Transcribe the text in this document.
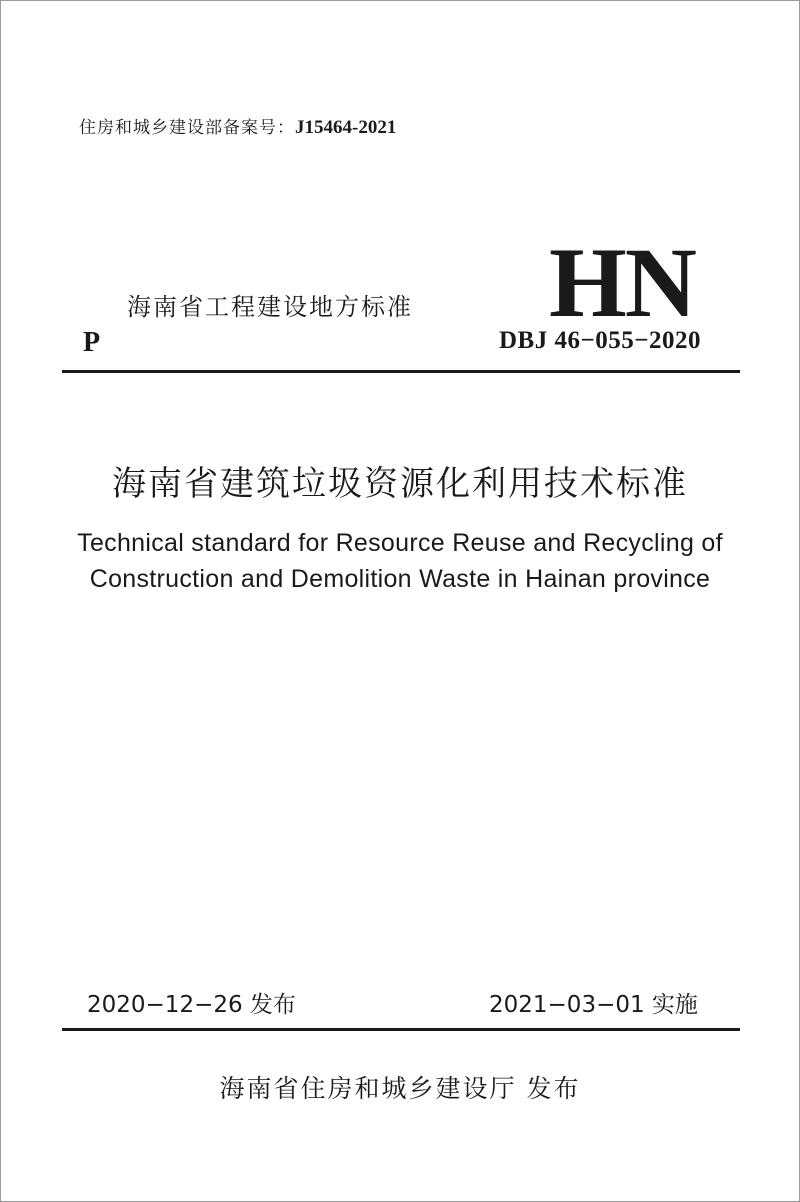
住房和城乡建设部备案号：J15464-2021
海南省工程建设地方标准
P
HN
DBJ 46−055−2020
海南省建筑垃圾资源化利用技术标准
Technical standard for Resource Reuse and Recycling of
Construction and Demolition Waste in Hainan province
2020−12−26 发布	2021−03−01 实施
海南省住房和城乡建设厅 发布
